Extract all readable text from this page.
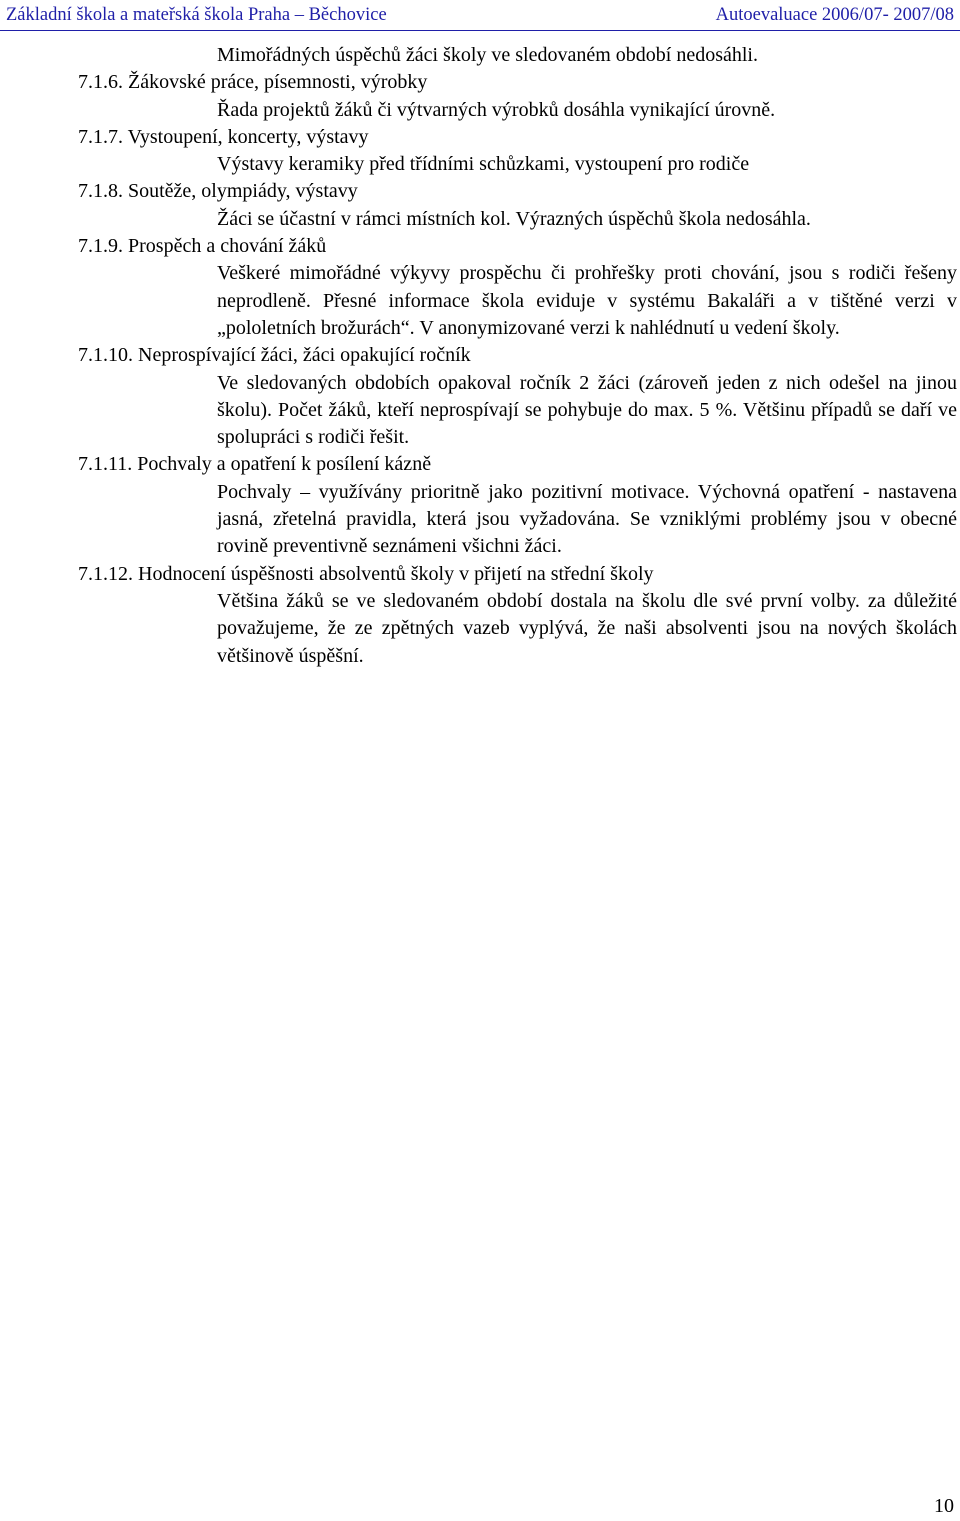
Základní škola a mateřská škola Praha – Běchovice	Autoevaluace 2006/07- 2007/08
Mimořádných úspěchů žáci školy ve sledovaném období nedosáhli.
7.1.6. Žákovské práce, písemnosti, výrobky
Řada projektů žáků či výtvarných výrobků dosáhla vynikající úrovně.
7.1.7. Vystoupení, koncerty, výstavy
Výstavy keramiky před třídními schůzkami, vystoupení pro rodiče
7.1.8. Soutěže, olympiády, výstavy
Žáci se účastní v rámci místních kol. Výrazných úspěchů škola nedosáhla.
7.1.9. Prospěch a chování žáků
Veškeré mimořádné výkyvy prospěchu či prohřešky proti chování, jsou s rodiči řešeny neprodleně. Přesné informace škola eviduje v systému Bakaláři a v tištěné verzi v „pololetních brožurách“. V anonymizované verzi k nahlédnutí u vedení školy.
7.1.10. Neprospívající žáci, žáci opakující ročník
Ve sledovaných obdobích opakoval ročník 2 žáci (zároveň jeden z nich odešel na jinou školu). Počet žáků, kteří neprospívají se pohybuje do max. 5 %. Většinu případů se daří ve spolupráci s rodiči řešit.
7.1.11. Pochvaly a opatření k posílení kázně
Pochvaly – využívány prioritně jako pozitivní motivace. Výchovná opatření - nastavena jasná, zřetelná pravidla, která jsou vyžadována. Se vzniklými problémy jsou v obecné rovině preventivně seznámeni všichni žáci.
7.1.12. Hodnocení úspěšnosti absolventů školy v přijetí na střední školy
Většina žáků se ve sledovaném období dostala na školu dle své první volby. za důležité považujeme, že ze zpětných vazeb vyplývá, že naši absolventi jsou na nových školách většinově úspěšní.
10
